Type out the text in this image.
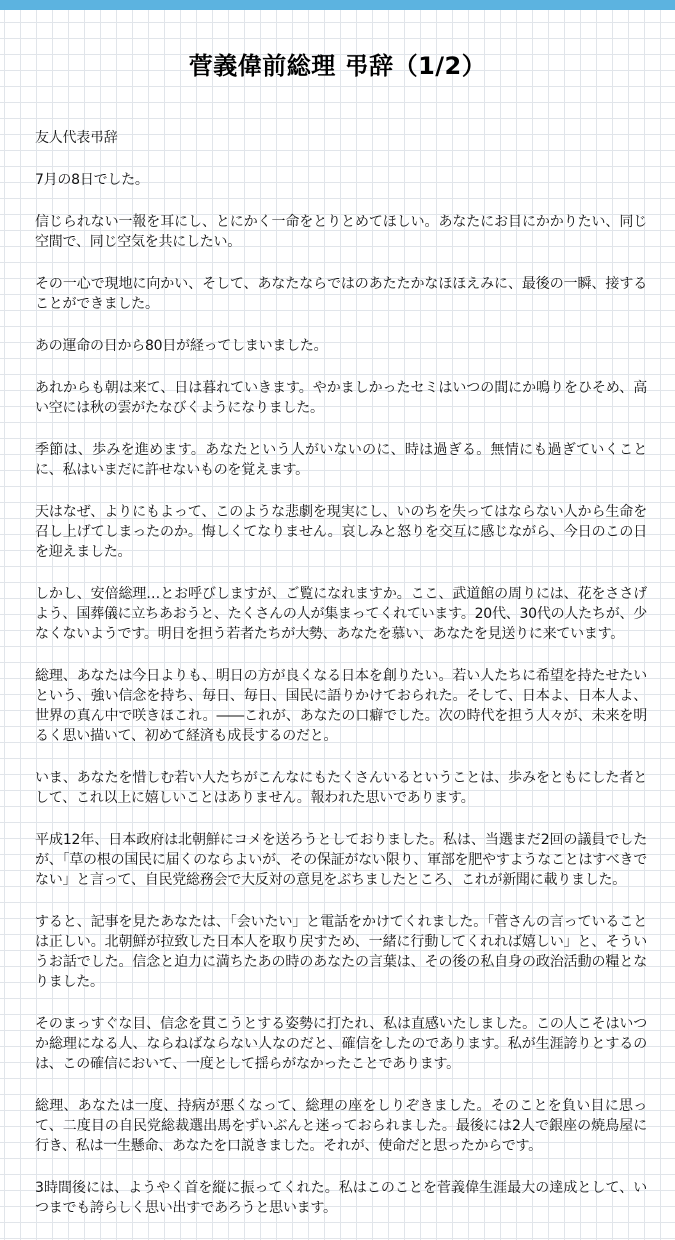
菅義偉前総理 弔辞（1/2）

友人代表弔辞

7月の8日でした。

信じられない一報を耳にし、とにかく一命をとりとめてほしい。あなたにお目にかかりたい、同じ空間で、同じ空気を共にしたい。

その一心で現地に向かい、そして、あなたならではのあたたかなほほえみに、最後の一瞬、接することができました。

あの運命の日から80日が経ってしまいました。

あれからも朝は来て、日は暮れていきます。やかましかったセミはいつの間にか鳴りをひそめ、高い空には秋の雲がたなびくようになりました。

季節は、歩みを進めます。あなたという人がいないのに、時は過ぎる。無情にも過ぎていくことに、私はいまだに許せないものを覚えます。

天はなぜ、よりにもよって、このような悲劇を現実にし、いのちを失ってはならない人から生命を召し上げてしまったのか。悔しくてなりません。哀しみと怒りを交互に感じながら、今日のこの日を迎えました。

しかし、安倍総理…とお呼びしますが、ご覧になれますか。ここ、武道館の周りには、花をささげよう、国葬儀に立ちあおうと、たくさんの人が集まってくれています。20代、30代の人たちが、少なくないようです。明日を担う若者たちが大勢、あなたを慕い、あなたを見送りに来ています。

総理、あなたは今日よりも、明日の方が良くなる日本を創りたい。若い人たちに希望を持たせたいという、強い信念を持ち、毎日、毎日、国民に語りかけておられた。そして、日本よ、日本人よ、世界の真ん中で咲きほこれ。――これが、あなたの口癖でした。次の時代を担う人々が、未来を明るく思い描いて、初めて経済も成長するのだと。

いま、あなたを惜しむ若い人たちがこんなにもたくさんいるということは、歩みをともにした者として、これ以上に嬉しいことはありません。報われた思いであります。

平成12年、日本政府は北朝鮮にコメを送ろうとしておりました。私は、当選まだ2回の議員でしたが、「草の根の国民に届くのならよいが、その保証がない限り、軍部を肥やすようなことはすべきでない」と言って、自民党総務会で大反対の意見をぶちましたところ、これが新聞に載りました。

すると、記事を見たあなたは、「会いたい」と電話をかけてくれました。「菅さんの言っていることは正しい。北朝鮮が拉致した日本人を取り戻すため、一緒に行動してくれれば嬉しい」と、そういうお話でした。信念と迫力に満ちたあの時のあなたの言葉は、その後の私自身の政治活動の糧となりました。

そのまっすぐな目、信念を貫こうとする姿勢に打たれ、私は直感いたしました。この人こそはいつか総理になる人、ならねばならない人なのだと、確信をしたのであります。私が生涯誇りとするのは、この確信において、一度として揺らがなかったことであります。

総理、あなたは一度、持病が悪くなって、総理の座をしりぞきました。そのことを負い目に思って、二度目の自民党総裁選出馬をずいぶんと迷っておられました。最後には2人で銀座の焼鳥屋に行き、私は一生懸命、あなたを口説きました。それが、使命だと思ったからです。

3時間後には、ようやく首を縦に振ってくれた。私はこのことを菅義偉生涯最大の達成として、いつまでも誇らしく思い出すであろうと思います。
